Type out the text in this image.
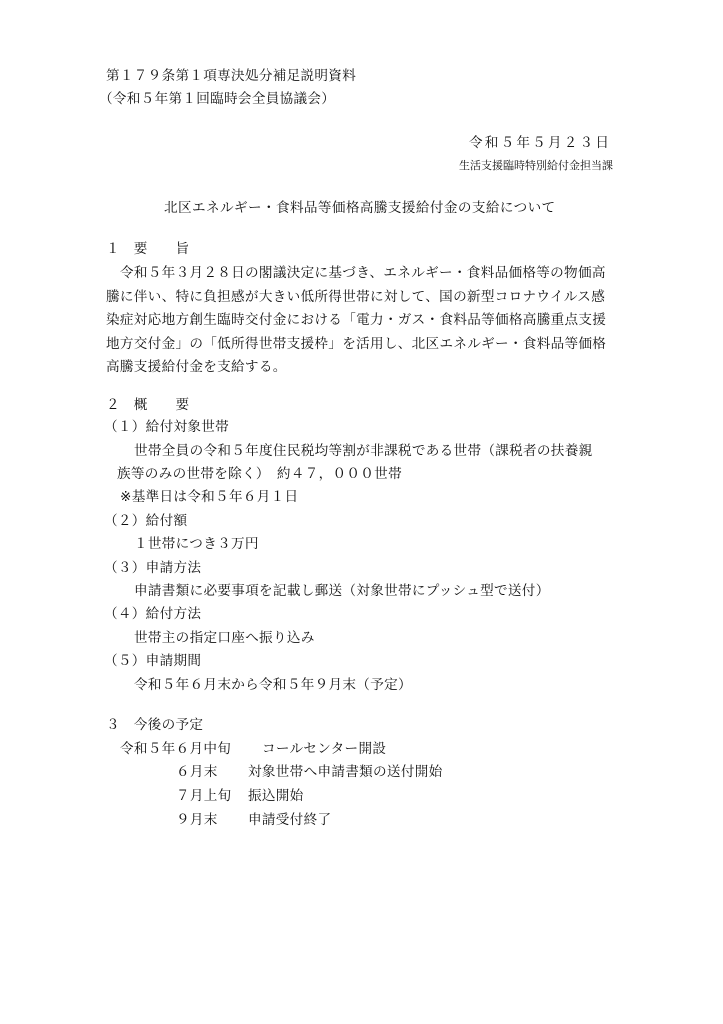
第１７９条第１項専決処分補足説明資料
（令和５年第１回臨時会全員協議会）
令和５年５月２３日
生活支援臨時特別給付金担当課
北区エネルギー・食料品等価格高騰支援給付金の支給について
１　要　　旨
令和５年３月２８日の閣議決定に基づき、エネルギー・食料品価格等の物価高
騰に伴い、特に負担感が大きい低所得世帯に対して、国の新型コロナウイルス感
染症対応地方創生臨時交付金における「電力・ガス・食料品等価格高騰重点支援
地方交付金」の「低所得世帯支援枠」を活用し、北区エネルギー・食料品等価格
高騰支援給付金を支給する。
２　概　　要
（１）給付対象世帯
世帯全員の令和５年度住民税均等割が非課税である世帯（課税者の扶養親
族等のみの世帯を除く）　約４７，０００世帯
※基準日は令和５年６月１日
（２）給付額
１世帯につき３万円
（３）申請方法
申請書類に必要事項を記載し郵送（対象世帯にプッシュ型で送付）
（４）給付方法
世帯主の指定口座へ振り込み
（５）申請期間
令和５年６月末から令和５年９月末（予定）
３　今後の予定
令和５年６月中旬 コールセンター開設
６月末 対象世帯へ申請書類の送付開始
７月上旬 振込開始
９月末 申請受付終了
